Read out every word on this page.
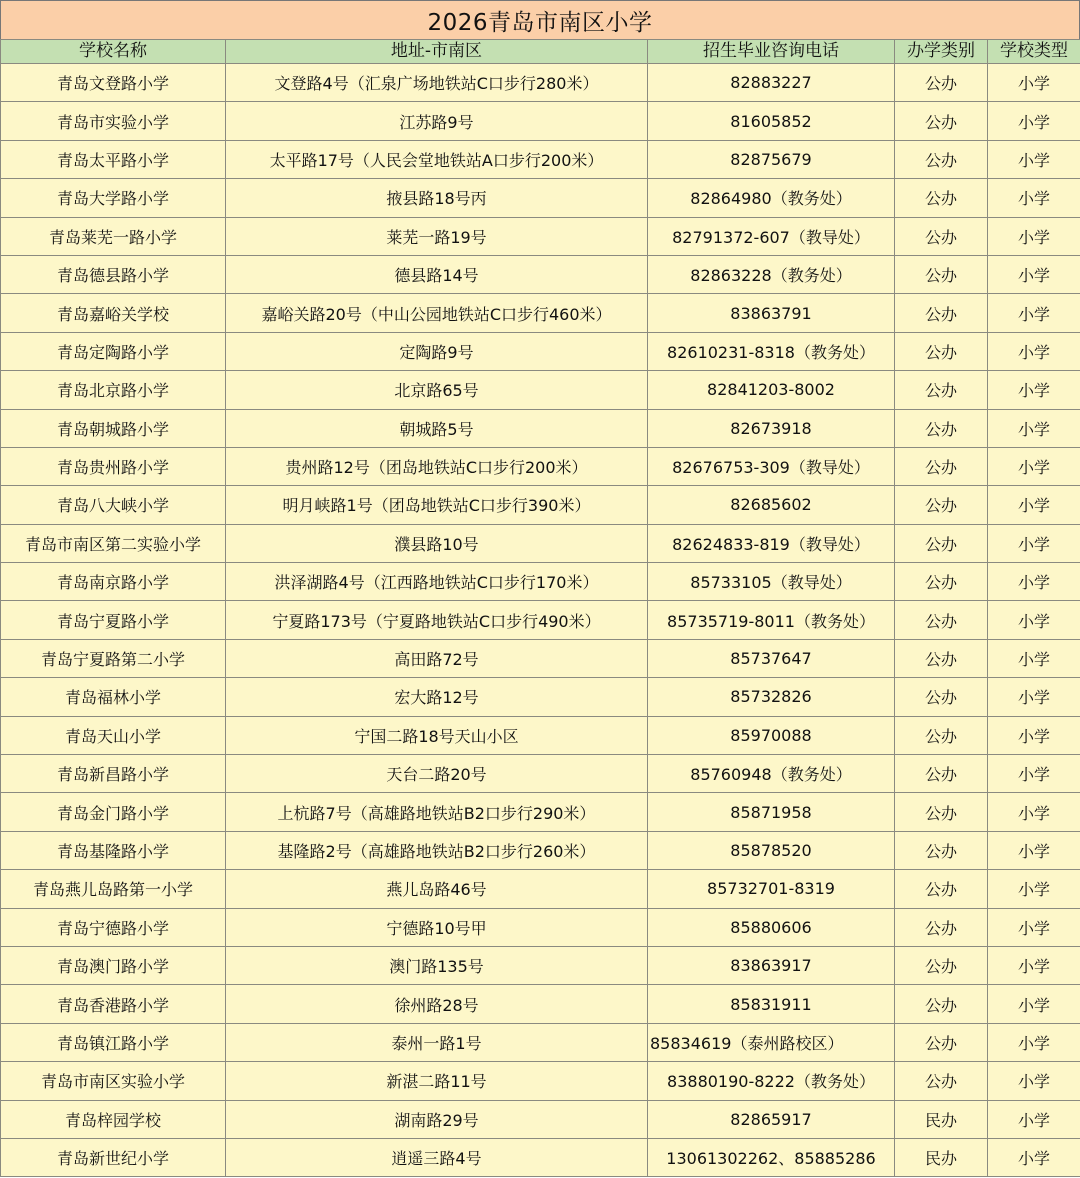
2026青岛市南区小学
学校名称	地址-市南区	招生毕业咨询电话	办学类别	学校类型
青岛文登路小学	文登路4号（汇泉广场地铁站C口步行280米）	82883227	公办	小学
青岛市实验小学	江苏路9号	81605852	公办	小学
青岛太平路小学	太平路17号（人民会堂地铁站A口步行200米）	82875679	公办	小学
青岛大学路小学	掖县路18号丙	82864980（教务处）	公办	小学
青岛莱芜一路小学	莱芜一路19号	82791372-607（教导处）	公办	小学
青岛德县路小学	德县路14号	82863228（教务处）	公办	小学
青岛嘉峪关学校	嘉峪关路20号（中山公园地铁站C口步行460米）	83863791	公办	小学
青岛定陶路小学	定陶路9号	82610231-8318（教务处）	公办	小学
青岛北京路小学	北京路65号	82841203-8002	公办	小学
青岛朝城路小学	朝城路5号	82673918	公办	小学
青岛贵州路小学	贵州路12号（团岛地铁站C口步行200米）	82676753-309（教导处）	公办	小学
青岛八大峡小学	明月峡路1号（团岛地铁站C口步行390米）	82685602	公办	小学
青岛市南区第二实验小学	濮县路10号	82624833-819（教导处）	公办	小学
青岛南京路小学	洪泽湖路4号（江西路地铁站C口步行170米）	85733105（教导处）	公办	小学
青岛宁夏路小学	宁夏路173号（宁夏路地铁站C口步行490米）	85735719-8011（教务处）	公办	小学
青岛宁夏路第二小学	高田路72号	85737647	公办	小学
青岛福林小学	宏大路12号	85732826	公办	小学
青岛天山小学	宁国二路18号天山小区	85970088	公办	小学
青岛新昌路小学	天台二路20号	85760948（教务处）	公办	小学
青岛金门路小学	上杭路7号（高雄路地铁站B2口步行290米）	85871958	公办	小学
青岛基隆路小学	基隆路2号（高雄路地铁站B2口步行260米）	85878520	公办	小学
青岛燕儿岛路第一小学	燕儿岛路46号	85732701-8319	公办	小学
青岛宁德路小学	宁德路10号甲	85880606	公办	小学
青岛澳门路小学	澳门路135号	83863917	公办	小学
青岛香港路小学	徐州路28号	85831911	公办	小学
青岛镇江路小学	泰州一路1号	85834619（泰州路校区）	公办	小学
青岛市南区实验小学	新湛二路11号	83880190-8222（教务处）	公办	小学
青岛梓园学校	湖南路29号	82865917	民办	小学
青岛新世纪小学	逍遥三路4号	13061302262、85885286	民办	小学
